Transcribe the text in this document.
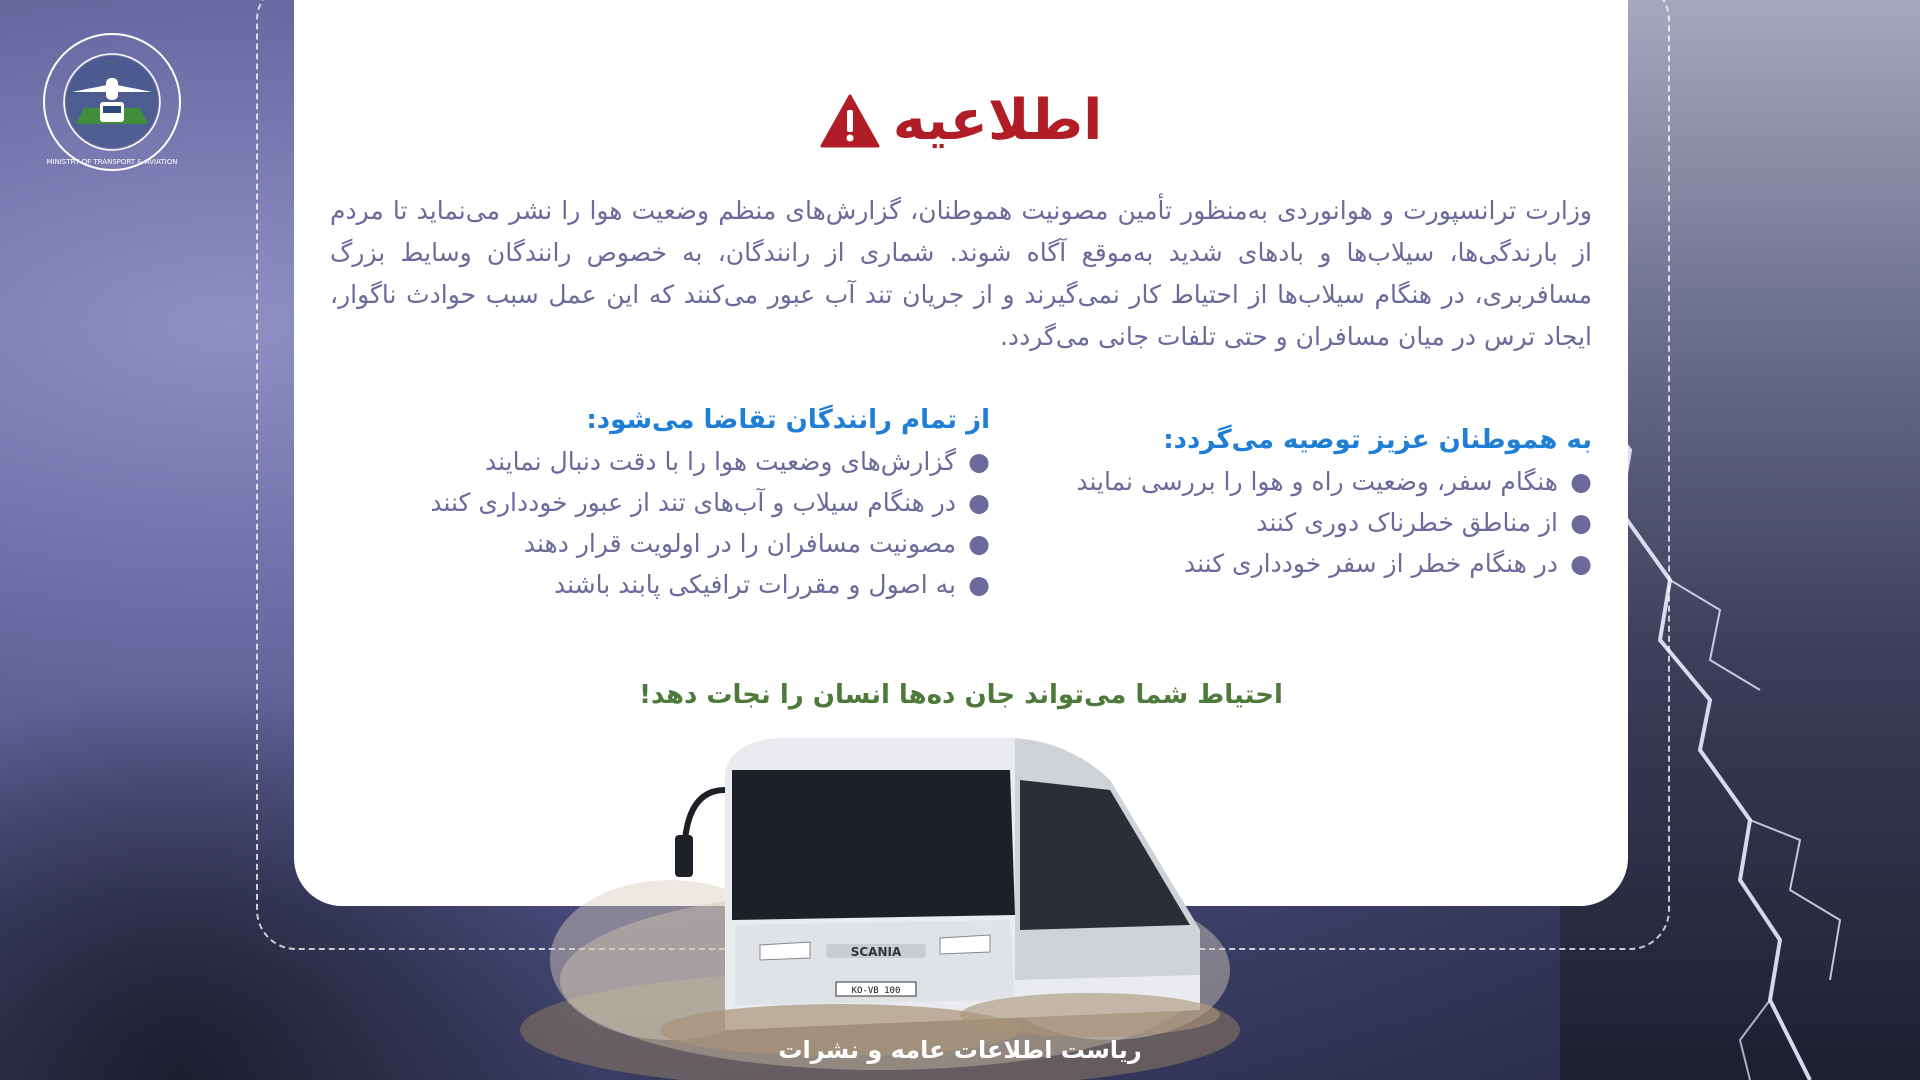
MINISTRY OF TRANSPORT & AVIATION
اطلاعیه
وزارت ترانسپورت و هوانوردی به‌منظور تأمین مصونیت هموطنان، گزارش‌های منظم وضعیت هوا را نشر می‌نماید تا مردم از بارندگی‌ها، سیلاب‌ها و بادهای شدید به‌موقع آگاه شوند. شماری از رانندگان، به خصوص رانندگان وسایط بزرگ مسافربری، در هنگام سیلاب‌ها از احتیاط کار نمی‌گیرند و از جریان تند آب عبور می‌کنند که این عمل سبب حوادث ناگوار، ایجاد ترس در میان مسافران و حتی تلفات جانی می‌گردد.
به هموطنان عزیز توصیه می‌گردد:
●
هنگام سفر، وضعیت راه و هوا را بررسی نمایند
●
از مناطق خطرناک دوری کنند
●
در هنگام خطر از سفر خودداری کنند
از تمام رانندگان تقاضا می‌شود:
●
گزارش‌های وضعیت هوا را با دقت دنبال نمایند
●
در هنگام سیلاب و آب‌های تند از عبور خودداری کنند
●
مصونیت مسافران را در اولویت قرار دهند
●
به اصول و مقررات ترافیکی پابند باشند
احتیاط شما می‌تواند جان ده‌ها انسان را نجات دهد!
SCANIA
KO-VB 100
ریاست اطلاعات عامه و نشرات
